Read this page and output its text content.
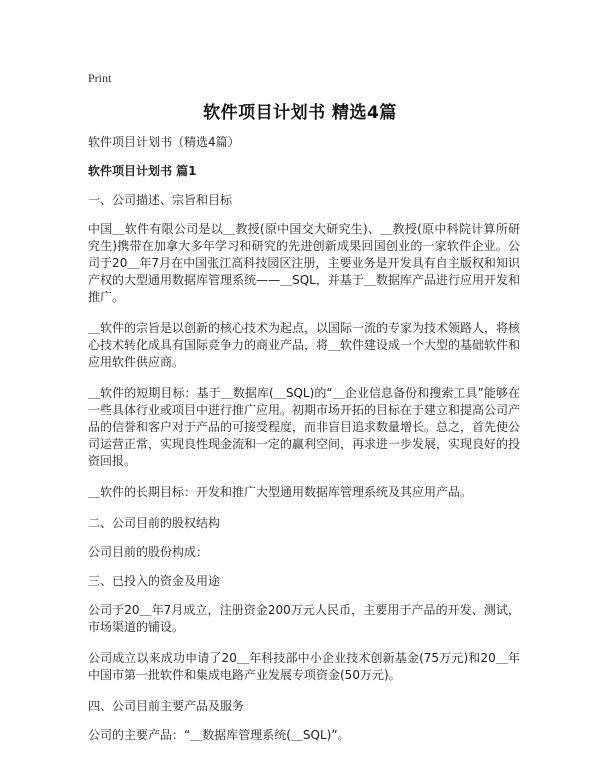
Print
软件项目计划书 精选4篇
软件项目计划书（精选4篇）
软件项目计划书 篇1
一、公司描述、宗旨和目标
中国＿软件有限公司是以＿教授(原中国交大研究生)、＿教授(原中科院计算所研究生)携带在加拿大多年学习和研究的先进创新成果回国创业的一家软件企业。公司于20＿年7月在中国张江高科技园区注册，主要业务是开发具有自主版权和知识产权的大型通用数据库管理系统——＿SQL，并基于＿数据库产品进行应用开发和推广。
＿软件的宗旨是以创新的核心技术为起点，以国际一流的专家为技术领路人，将核心技术转化成具有国际竞争力的商业产品，将＿软件建设成一个大型的基础软件和应用软件供应商。
＿软件的短期目标：基于＿数据库(＿SQL)的“＿企业信息备份和搜索工具”能够在一些具体行业或项目中进行推广应用。初期市场开拓的目标在于建立和提高公司产品的信誉和客户对于产品的可接受程度，而非盲目追求数量增长。总之，首先使公司运营正常，实现良性现金流和一定的赢利空间，再求进一步发展，实现良好的投资回报。
＿软件的长期目标：开发和推广大型通用数据库管理系统及其应用产品。
二、公司目前的股权结构
公司目前的股份构成：
三、已投入的资金及用途
公司于20＿年7月成立，注册资金200万元人民币，主要用于产品的开发、测试，市场渠道的铺设。
公司成立以来成功申请了20＿年科技部中小企业技术创新基金(75万元)和20＿年中国市第一批软件和集成电路产业发展专项资金(50万元)。
四、公司目前主要产品及服务
公司的主要产品：“＿数据库管理系统(＿SQL)”。
